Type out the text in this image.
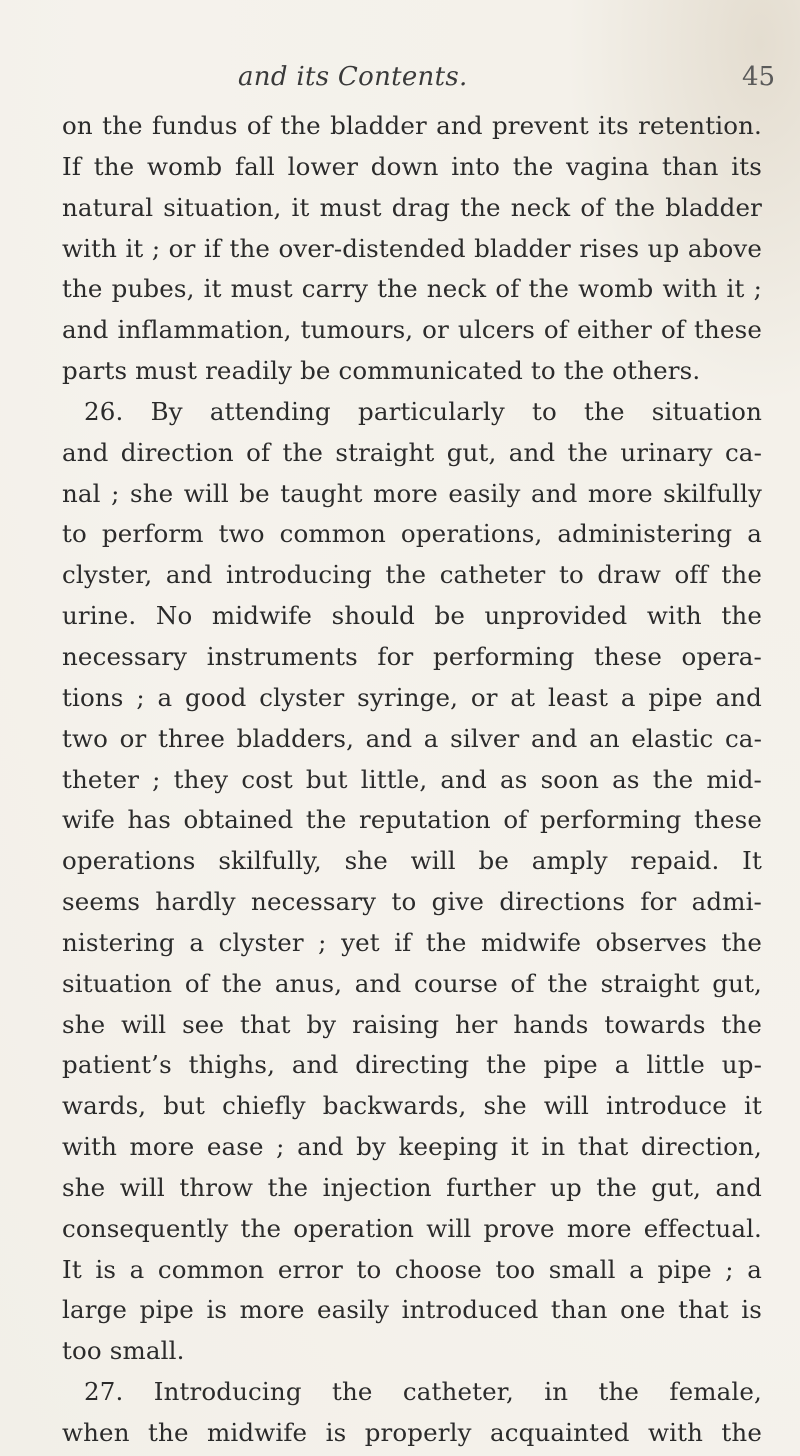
and its Contents.	45
on the fundus of the bladder and prevent its retention.
If the womb fall lower down into the vagina than its
natural situation, it must drag the neck of the bladder
with it ; or if the over-distended bladder rises up above
the pubes, it must carry the neck of the womb with it ;
and inflammation, tumours, or ulcers of either of these
parts must readily be communicated to the others.
26. By attending particularly to the situation
and direction of the straight gut, and the urinary ca-
nal ; she will be taught more easily and more skilfully
to perform two common operations, administering a
clyster, and introducing the catheter to draw off the
urine. No midwife should be unprovided with the
necessary instruments for performing these opera-
tions ; a good clyster syringe, or at least a pipe and
two or three bladders, and a silver and an elastic ca-
theter ; they cost but little, and as soon as the mid-
wife has obtained the reputation of performing these
operations skilfully, she will be amply repaid. It
seems hardly necessary to give directions for admi-
nistering a clyster ; yet if the midwife observes the
situation of the anus, and course of the straight gut,
she will see that by raising her hands towards the
patient’s thighs, and directing the pipe a little up-
wards, but chiefly backwards, she will introduce it
with more ease ; and by keeping it in that direction,
she will throw the injection further up the gut, and
consequently the operation will prove more effectual.
It is a common error to choose too small a pipe ; a
large pipe is more easily introduced than one that is
too small.
27. Introducing the catheter, in the female,
when the midwife is properly acquainted with the
